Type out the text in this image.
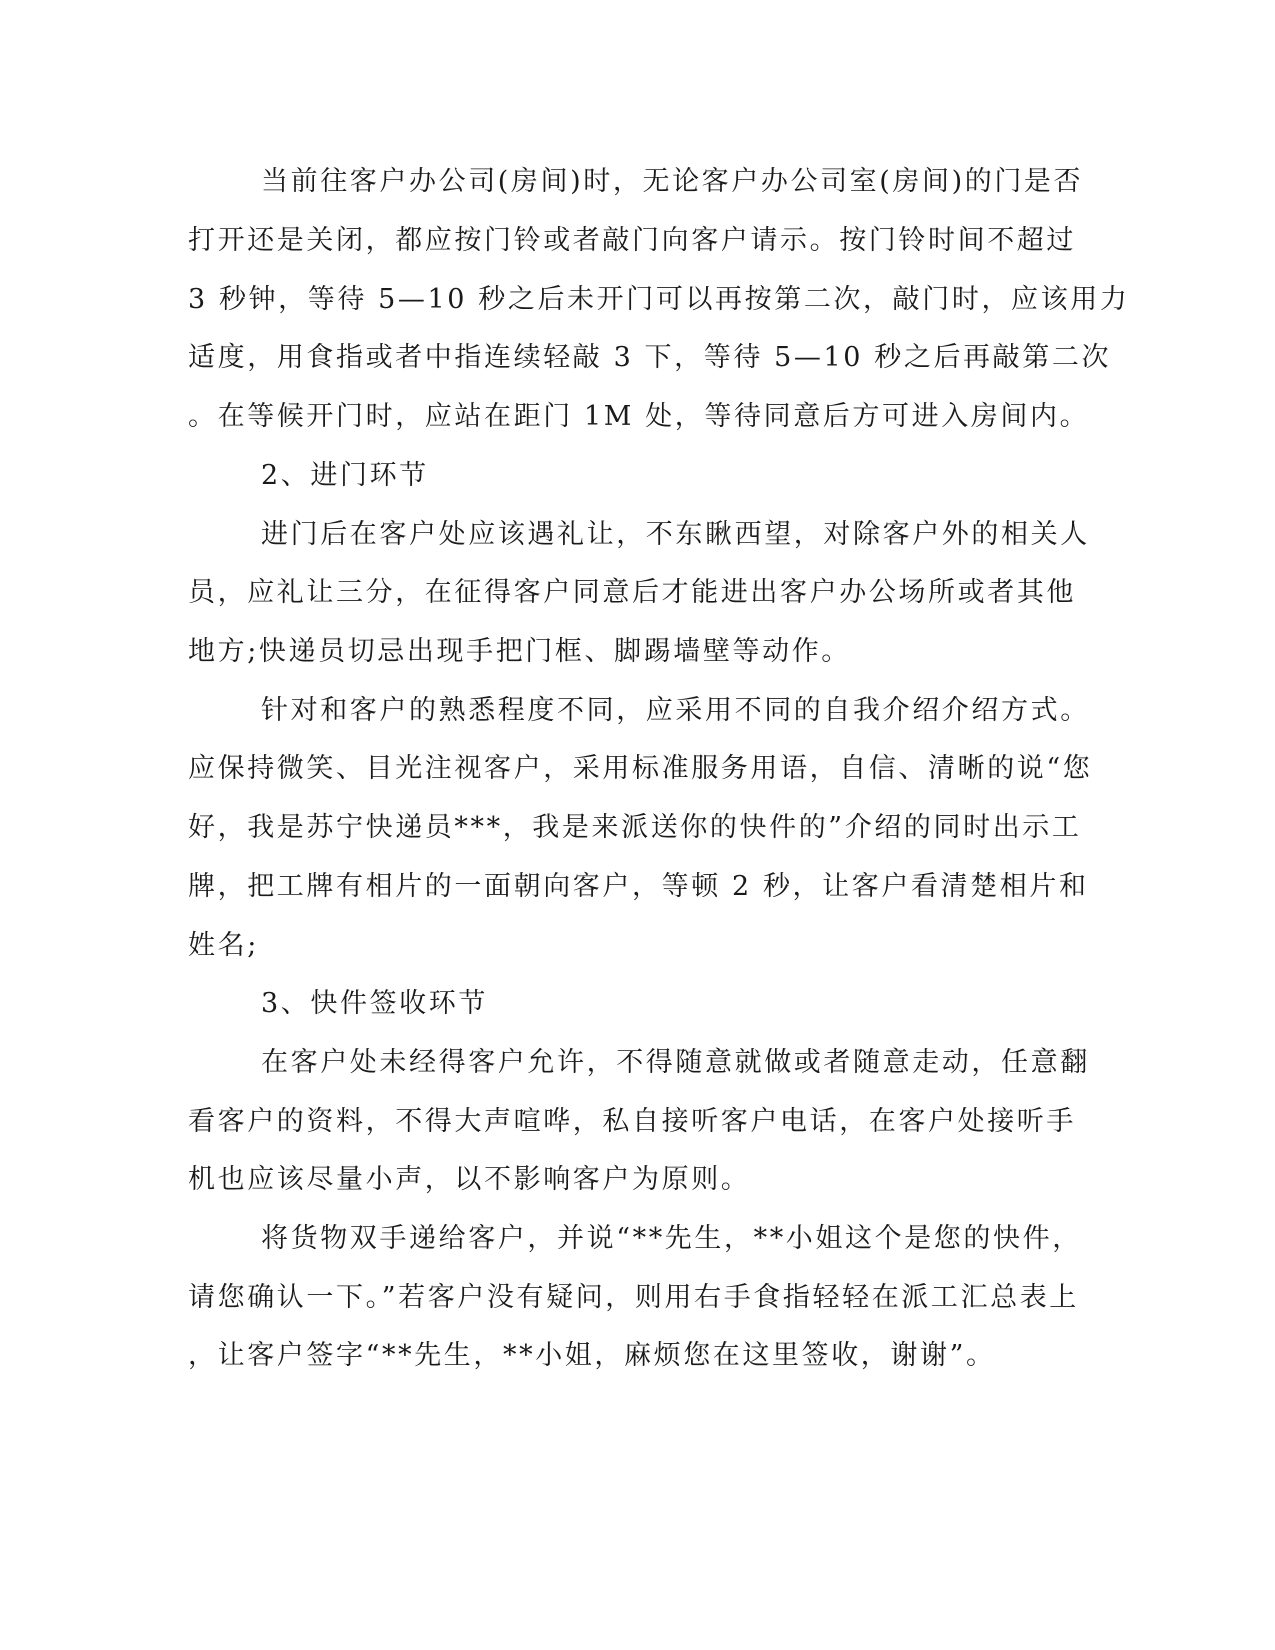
当前往客户办公司(房间)时，无论客户办公司室(房间)的门是否
打开还是关闭，都应按门铃或者敲门向客户请示。按门铃时间不超过
3 秒钟，等待 5—10 秒之后未开门可以再按第二次，敲门时，应该用力
适度，用食指或者中指连续轻敲 3 下，等待 5—10 秒之后再敲第二次
。在等候开门时，应站在距门 1M 处，等待同意后方可进入房间内。
2、进门环节
进门后在客户处应该遇礼让，不东瞅西望，对除客户外的相关人
员，应礼让三分，在征得客户同意后才能进出客户办公场所或者其他
地方;快递员切忌出现手把门框、脚踢墙壁等动作。
针对和客户的熟悉程度不同，应采用不同的自我介绍介绍方式。
应保持微笑、目光注视客户，采用标准服务用语，自信、清晰的说“您
好，我是苏宁快递员***，我是来派送你的快件的”介绍的同时出示工
牌，把工牌有相片的一面朝向客户，等顿 2 秒，让客户看清楚相片和
姓名;
3、快件签收环节
在客户处未经得客户允许，不得随意就做或者随意走动，任意翻
看客户的资料，不得大声喧哗，私自接听客户电话，在客户处接听手
机也应该尽量小声，以不影响客户为原则。
将货物双手递给客户，并说“**先生，**小姐这个是您的快件，
请您确认一下。”若客户没有疑问，则用右手食指轻轻在派工汇总表上
，让客户签字“**先生，**小姐，麻烦您在这里签收，谢谢”。
